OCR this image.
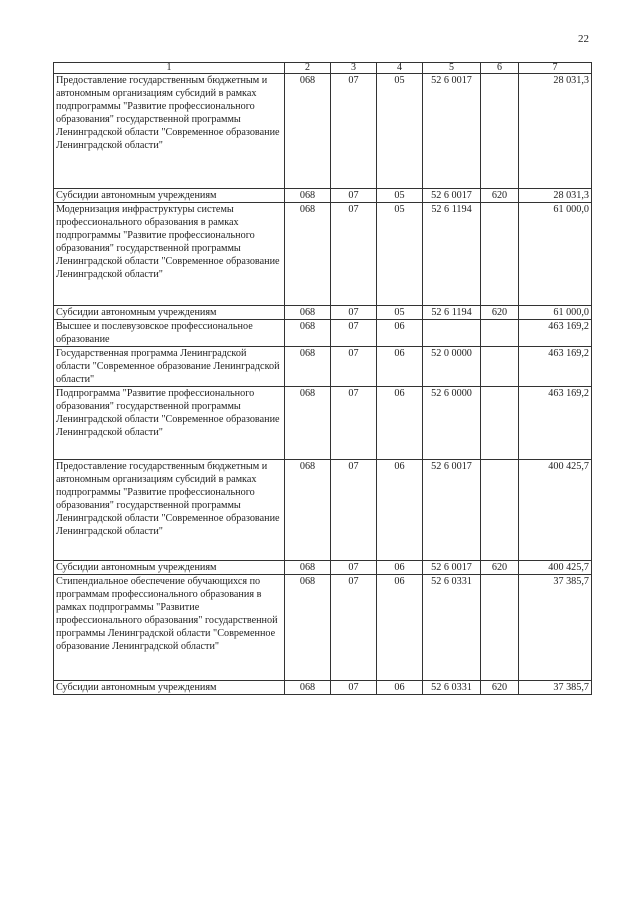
22
1	2	3	4	5	6	7
Предоставление государственным бюджетным и автономным организациям субсидий в рамках подпрограммы "Развитие профессионального образования" государственной программы Ленинградской области "Современное образование Ленинградской области"	068	07	05	52 6 0017		28 031,3
Субсидии автономным учреждениям	068	07	05	52 6 0017	620	28 031,3
Модернизация инфраструктуры системы профессионального образования в рамках подпрограммы "Развитие профессионального образования" государственной программы Ленинградской области "Современное образование Ленинградской области"	068	07	05	52 6 1194		61 000,0
Субсидии автономным учреждениям	068	07	05	52 6 1194	620	61 000,0
Высшее и послевузовское профессиональное образование	068	07	06			463 169,2
Государственная программа Ленинградской области "Современное образование Ленинградской области"	068	07	06	52 0 0000		463 169,2
Подпрограмма "Развитие профессионального образования" государственной программы Ленинградской области "Современное образование Ленинградской области"	068	07	06	52 6 0000		463 169,2
Предоставление государственным бюджетным и автономным организациям субсидий в рамках подпрограммы "Развитие профессионального образования" государственной программы Ленинградской области "Современное образование Ленинградской области"	068	07	06	52 6 0017		400 425,7
Субсидии автономным учреждениям	068	07	06	52 6 0017	620	400 425,7
Стипендиальное обеспечение обучающихся по программам профессионального образования в рамках подпрограммы "Развитие профессионального образования" государственной программы Ленинградской области "Современное образование Ленинградской области"	068	07	06	52 6 0331		37 385,7
Субсидии автономным учреждениям	068	07	06	52 6 0331	620	37 385,7
